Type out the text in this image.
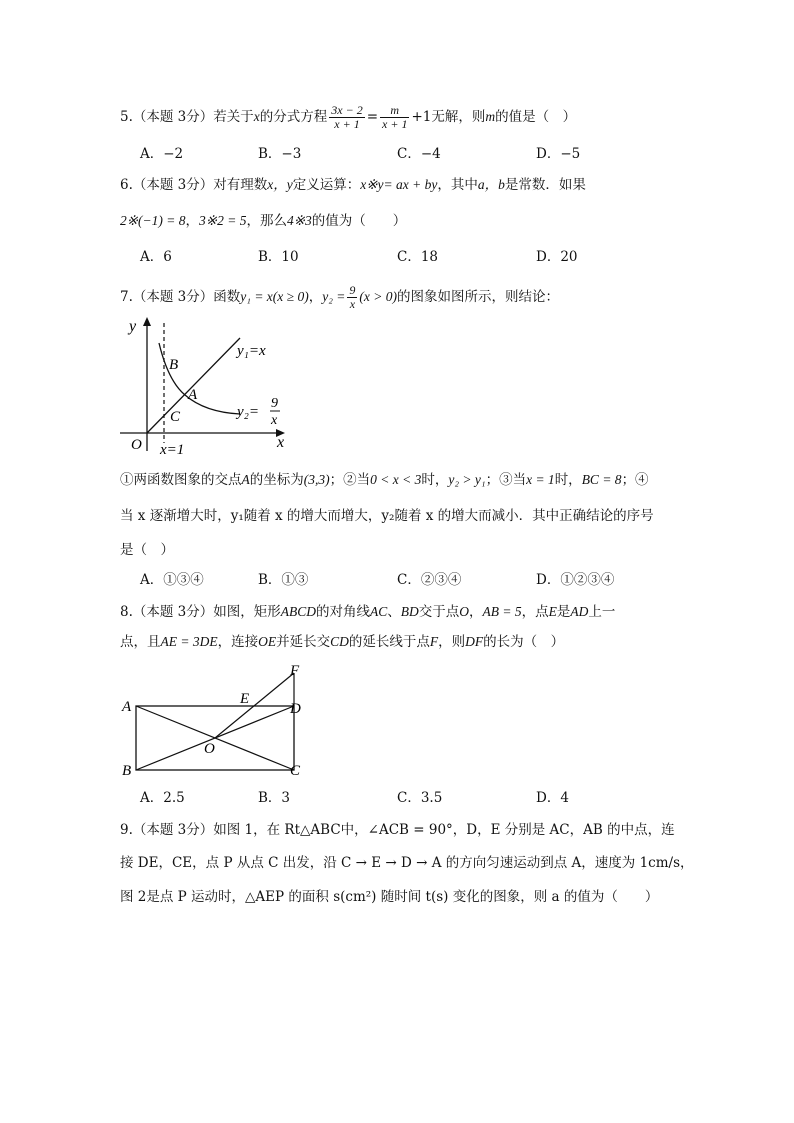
5.（本题 3分）若关于x的分式方程 $\frac{3x - 2}{x + 1} = \frac{m}{x + 1} +1$无解，则m的值是（　）
A．−2	B．−3	C．−4	D．−5
6.（本题 3分）对有理数x，y定义运算：x※y= ax + by，其中a，b是常数．如果
2※(−1) = 8，3※2 = 5，那么4※3的值为（　　）
A．6	B．10	C．18	D．20
7.（本题 3分）函数y₁ = x(x ≥ 0)，$y_2 = \frac{9}{x} (x > 0)$的图象如图所示，则结论：
y
x
O
B
A
C
y₁=x
y₂=
9
x
x=1
①两函数图象的交点A的坐标为(3,3)；②当0 < x < 3时，y₂ > y₁；③当x = 1时，BC = 8；④
当 x 逐渐增大时，y₁随着 x 的增大而增大，y₂随着 x 的增大而减小．其中正确结论的序号
是（　）
A．①③④	B．①③	C．②③④	D．①②③④
8.（本题 3分）如图，矩形ABCD的对角线AC、BD交于点O，AB = 5，点E是AD上一
点，且AE = 3DE，连接OE并延长交CD的延长线于点F，则DF的长为（　）
A
B	C
D
E
F
O
A．2.5	B．3	C．3.5	D．4
9.（本题 3分）如图 1，在 Rt△ABC中，∠ACB = 90°，D，E 分别是 AC，AB 的中点，连
接 DE，CE，点 P 从点 C 出发，沿 C → E → D → A 的方向匀速运动到点 A，速度为 1cm/s，
图 2是点 P 运动时，△AEP 的面积 s(cm²) 随时间 t(s) 变化的图象，则 a 的值为（　　）
